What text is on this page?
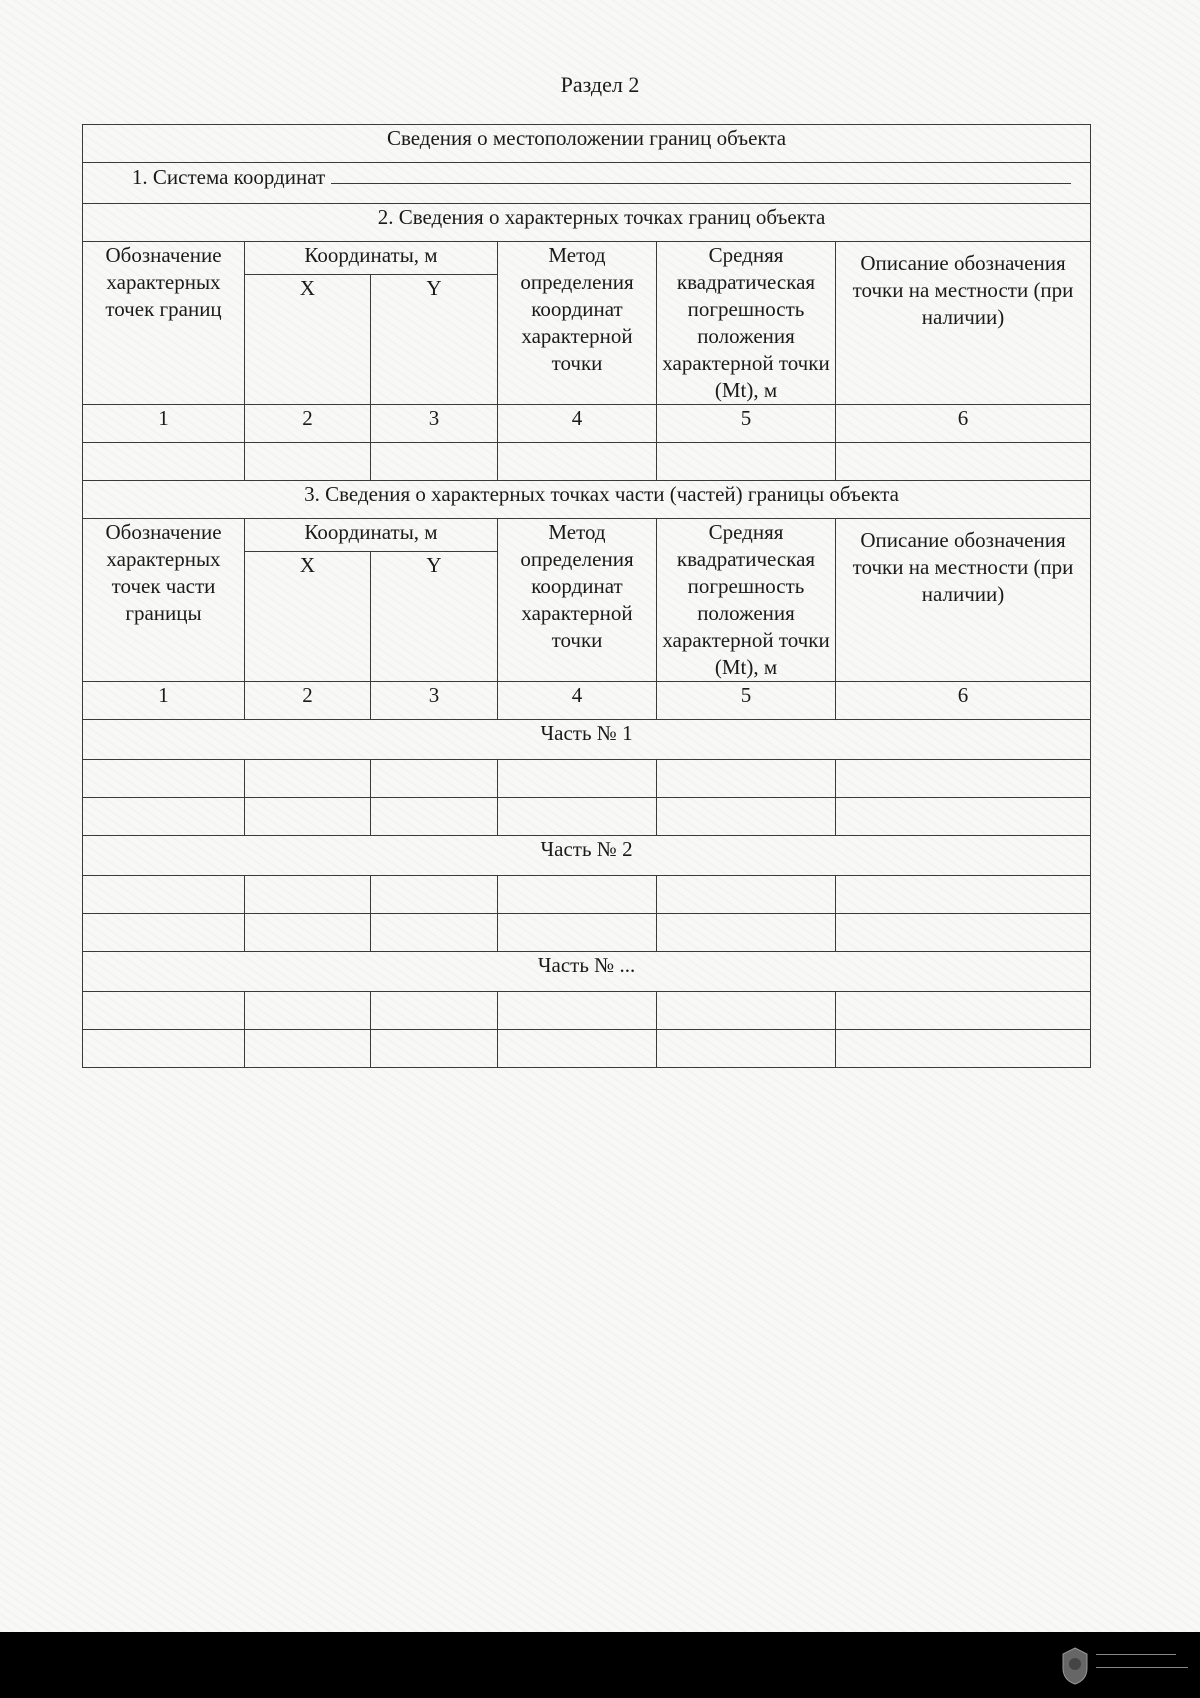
Раздел 2
Сведения о местоположении границ объекта					
1. Система координат					
2. Сведения о характерных точках границ объекта					
Обозначение характерных точек границ	Координаты, м		Метод определения координат характерной точки	Средняя квадратическая погрешность положения характерной точки (Mt), м	Описание обозначения точки на местности (при наличии)
	X	Y			
1	2	3	4	5	6

3. Сведения о характерных точках части (частей) границы объекта					
Обозначение характерных точек части границы	Координаты, м		Метод определения координат характерной точки	Средняя квадратическая погрешность положения характерной точки (Mt), м	Описание обозначения точки на местности (при наличии)
	X	Y			
1	2	3	4	5	6
Часть № 1					

Часть № 2					

Часть № ...					
